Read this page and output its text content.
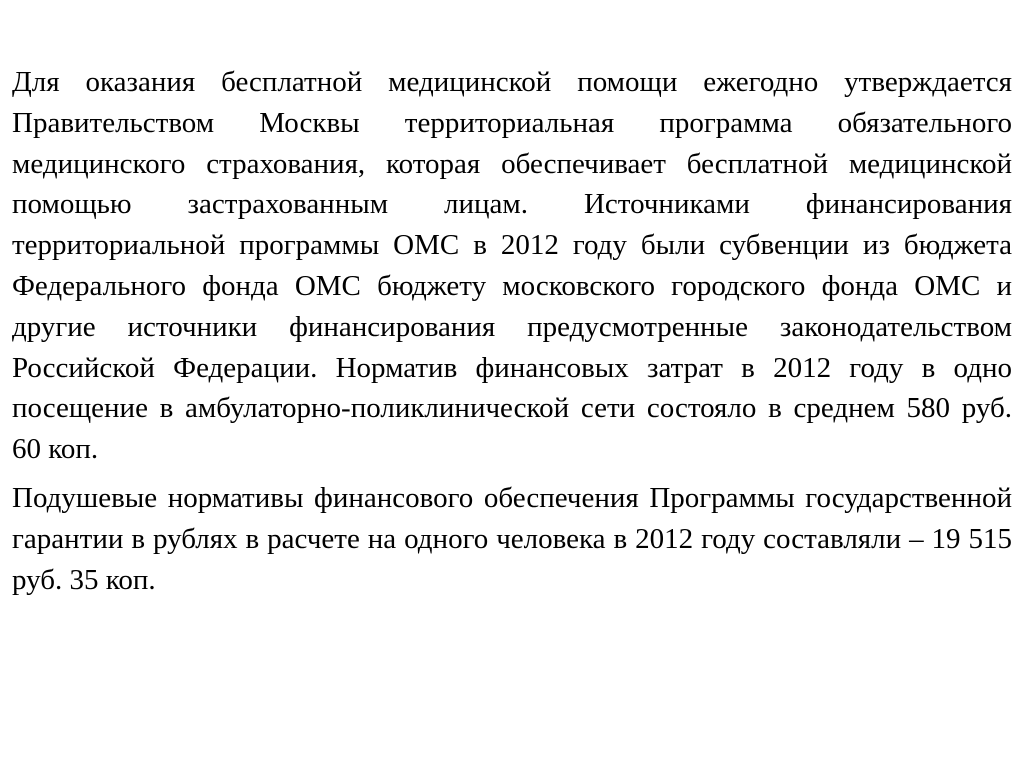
Для оказания бесплатной медицинской помощи ежегодно утверждается Правительством Москвы территориальная программа обязательного медицинского страхования, которая обеспечивает бесплатной медицинской помощью застрахованным лицам. Источниками финансирования территориальной программы ОМС в 2012 году были субвенции из бюджета Федерального фонда ОМС бюджету московского городского фонда ОМС и другие источники финансирования предусмотренные законодательством Российской Федерации. Норматив финансовых затрат в 2012 году в одно посещение в амбулаторно-поликлинической сети состояло в среднем 580 руб. 60 коп.

Подушевые нормативы финансового обеспечения Программы государственной гарантии в рублях в расчете на одного человека в 2012 году составляли – 19 515 руб. 35 коп.
